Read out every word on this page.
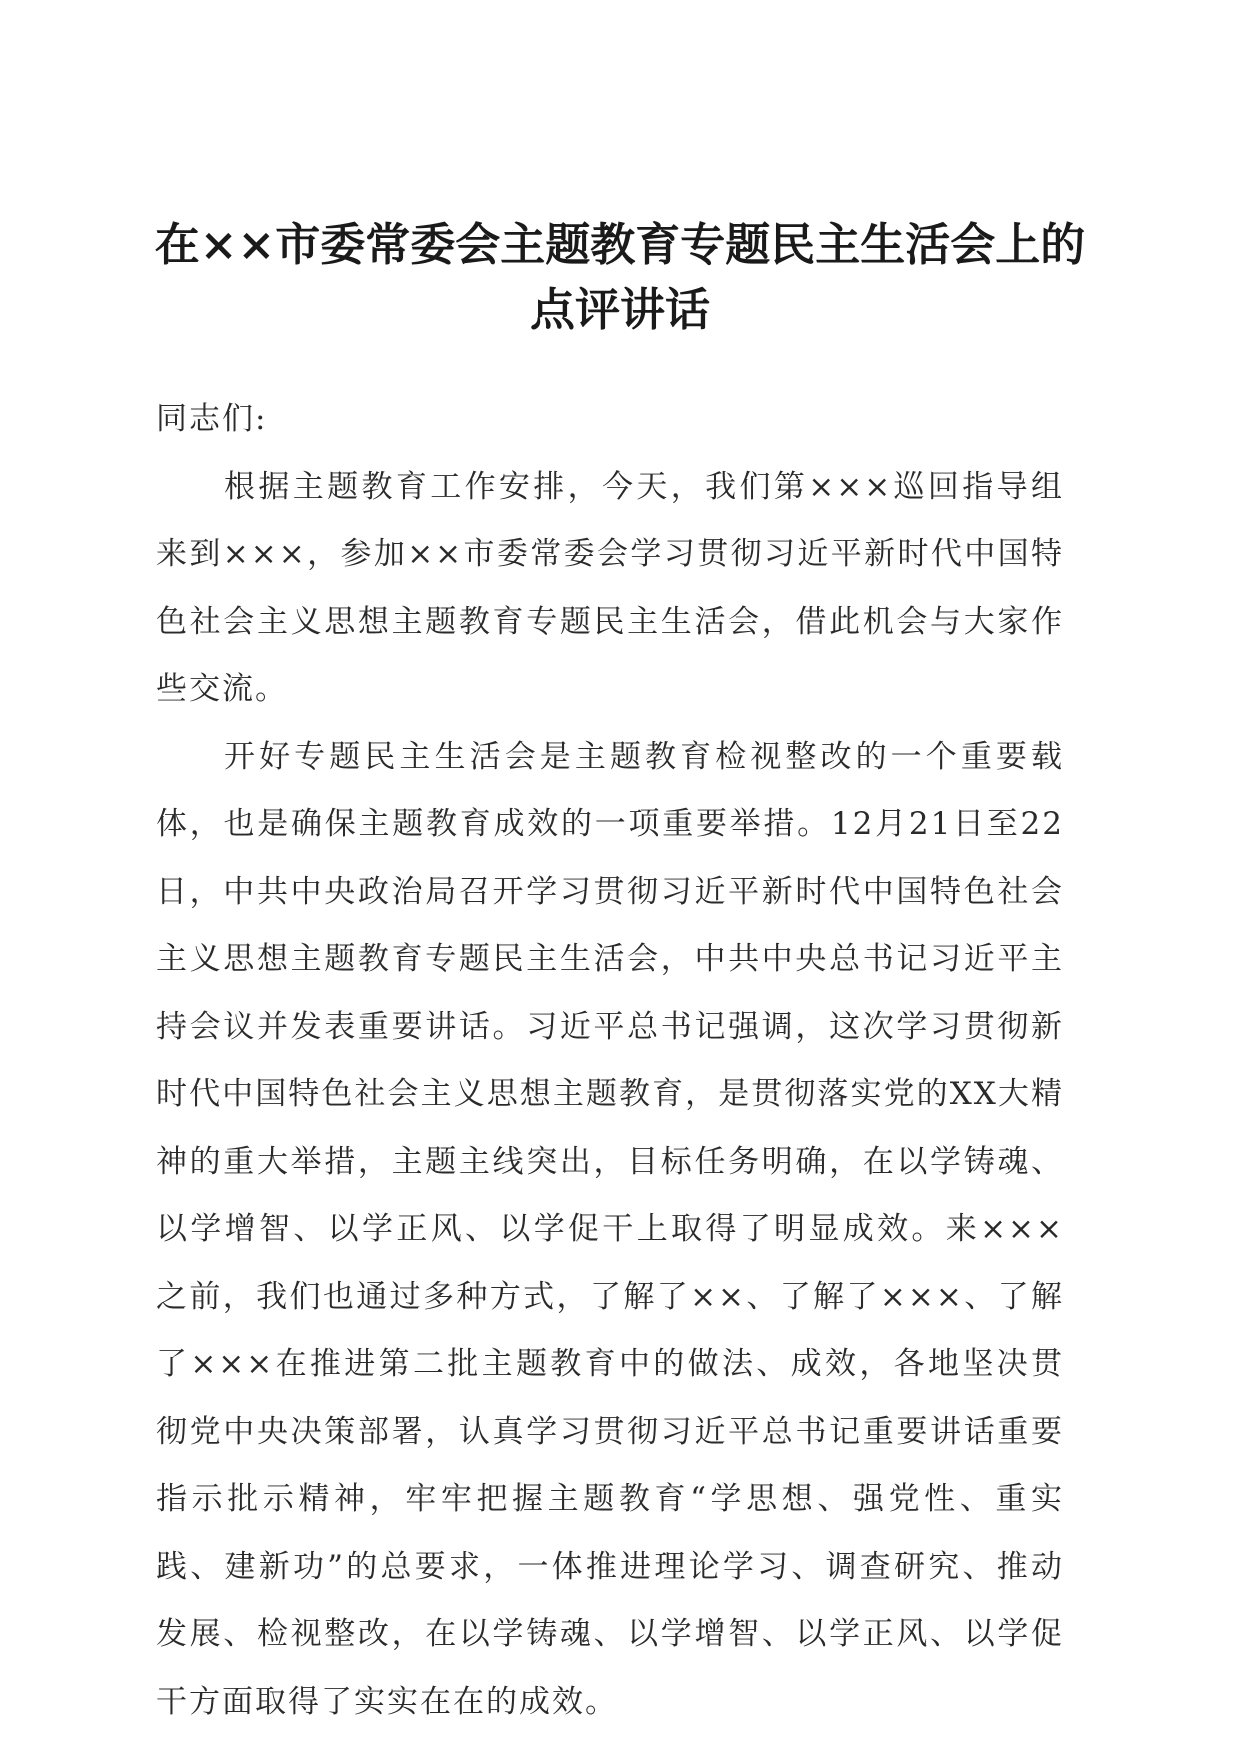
在××市委常委会主题教育专题民主生活会上的
点评讲话

同志们:

根据主题教育工作安排，今天，我们第×××巡回指导组来到×××，参加××市委常委会学习贯彻习近平新时代中国特色社会主义思想主题教育专题民主生活会，借此机会与大家作些交流。

开好专题民主生活会是主题教育检视整改的一个重要载体，也是确保主题教育成效的一项重要举措。12月21日至22日，中共中央政治局召开学习贯彻习近平新时代中国特色社会主义思想主题教育专题民主生活会，中共中央总书记习近平主持会议并发表重要讲话。习近平总书记强调，这次学习贯彻新时代中国特色社会主义思想主题教育，是贯彻落实党的XX大精神的重大举措，主题主线突出，目标任务明确，在以学铸魂、以学增智、以学正风、以学促干上取得了明显成效。来×××之前，我们也通过多种方式，了解了××、了解了×××、了解了×××在推进第二批主题教育中的做法、成效，各地坚决贯彻党中央决策部署，认真学习贯彻习近平总书记重要讲话重要指示批示精神，牢牢把握主题教育“学思想、强党性、重实践、建新功”的总要求，一体推进理论学习、调查研究、推动发展、检视整改，在以学铸魂、以学增智、以学正风、以学促干方面取得了实实在在的成效。
